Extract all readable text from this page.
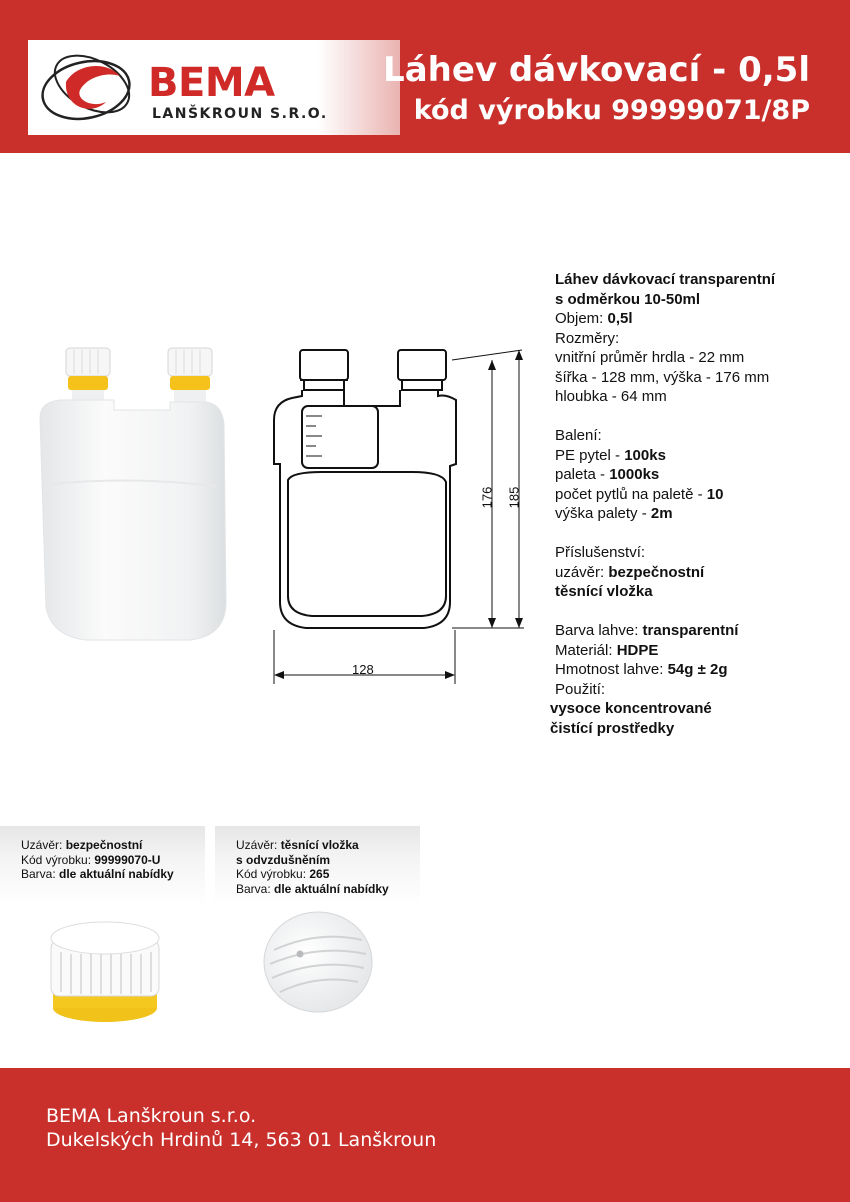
BEMA
LANŠKROUN S.R.O.
Láhev dávkovací - 0,5l
kód výrobku 99999071/8P
176 185
128
Láhev dávkovací transparentní
s odměrkou 10-50ml
Objem: 0,5l
Rozměry:
vnitřní průměr hrdla - 22 mm
šířka - 128 mm, výška - 176 mm
hloubka - 64 mm
Balení:
PE pytel - 100ks
paleta - 1000ks
počet pytlů na paletě - 10
výška palety - 2m
Příslušenství:
uzávěr: bezpečnostní
těsnící vložka
Barva lahve: transparentní
Materiál: HDPE
Hmotnost lahve: 54g ± 2g
Použití:
vysoce koncentrované
čistící prostředky
Uzávěr: bezpečnostní
Kód výrobku: 99999070-U
Barva: dle aktuální nabídky
Uzávěr: těsnící vložka
s odvzdušněním
Kód výrobku: 265
Barva: dle aktuální nabídky
BEMA Lanškroun s.r.o.
Dukelských Hrdinů 14, 563 01 Lanškroun
